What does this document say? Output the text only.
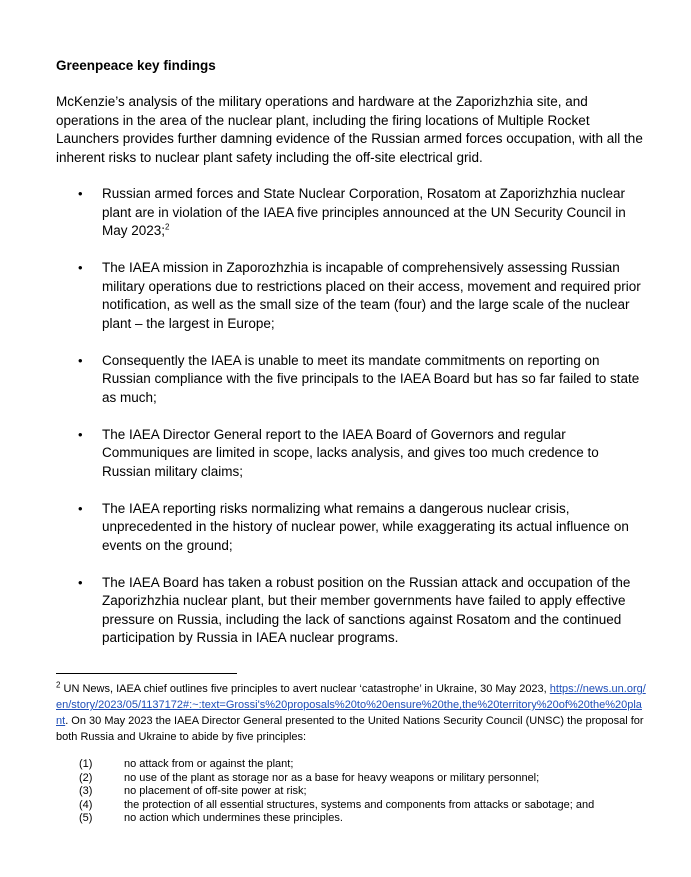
Greenpeace key findings
McKenzie’s analysis of the military operations and hardware at the Zaporizhzhia site, and operations in the area of the nuclear plant, including the firing locations of Multiple Rocket Launchers provides further damning evidence of the Russian armed forces occupation, with all the inherent risks to nuclear plant safety including the off-site electrical grid.
• Russian armed forces and State Nuclear Corporation, Rosatom at Zaporizhzhia nuclear plant are in violation of the IAEA five principles announced at the UN Security Council in May 2023;$^2$
• The IAEA mission in Zaporozhzhia is incapable of comprehensively assessing Russian military operations due to restrictions placed on their access, movement and required prior notification, as well as the small size of the team (four) and the large scale of the nuclear plant – the largest in Europe;
• Consequently the IAEA is unable to meet its mandate commitments on reporting on Russian compliance with the five principals to the IAEA Board but has so far failed to state as much;
• The IAEA Director General report to the IAEA Board of Governors and regular Communiques are limited in scope, lacks analysis, and gives too much credence to Russian military claims;
• The IAEA reporting risks normalizing what remains a dangerous nuclear crisis, unprecedented in the history of nuclear power, while exaggerating its actual influence on events on the ground;
• The IAEA Board has taken a robust position on the Russian attack and occupation of the Zaporizhzhia nuclear plant, but their member governments have failed to apply effective pressure on Russia, including the lack of sanctions against Rosatom and the continued participation by Russia in IAEA nuclear programs.
$^2$ UN News, IAEA chief outlines five principles to avert nuclear ‘catastrophe’ in Ukraine, 30 May 2023, https://news.un.org/en/story/2023/05/1137172#:~:text=Grossi's%20proposals%20to%20ensure%20the,the%20territory%20of%20the%20plant. On 30 May 2023 the IAEA Director General presented to the United Nations Security Council (UNSC) the proposal for both Russia and Ukraine to abide by five principles:
(1)	no attack from or against the plant;
(2)	no use of the plant as storage nor as a base for heavy weapons or military personnel;
(3)	no placement of off-site power at risk;
(4)	the protection of all essential structures, systems and components from attacks or sabotage; and
(5)	no action which undermines these principles.
